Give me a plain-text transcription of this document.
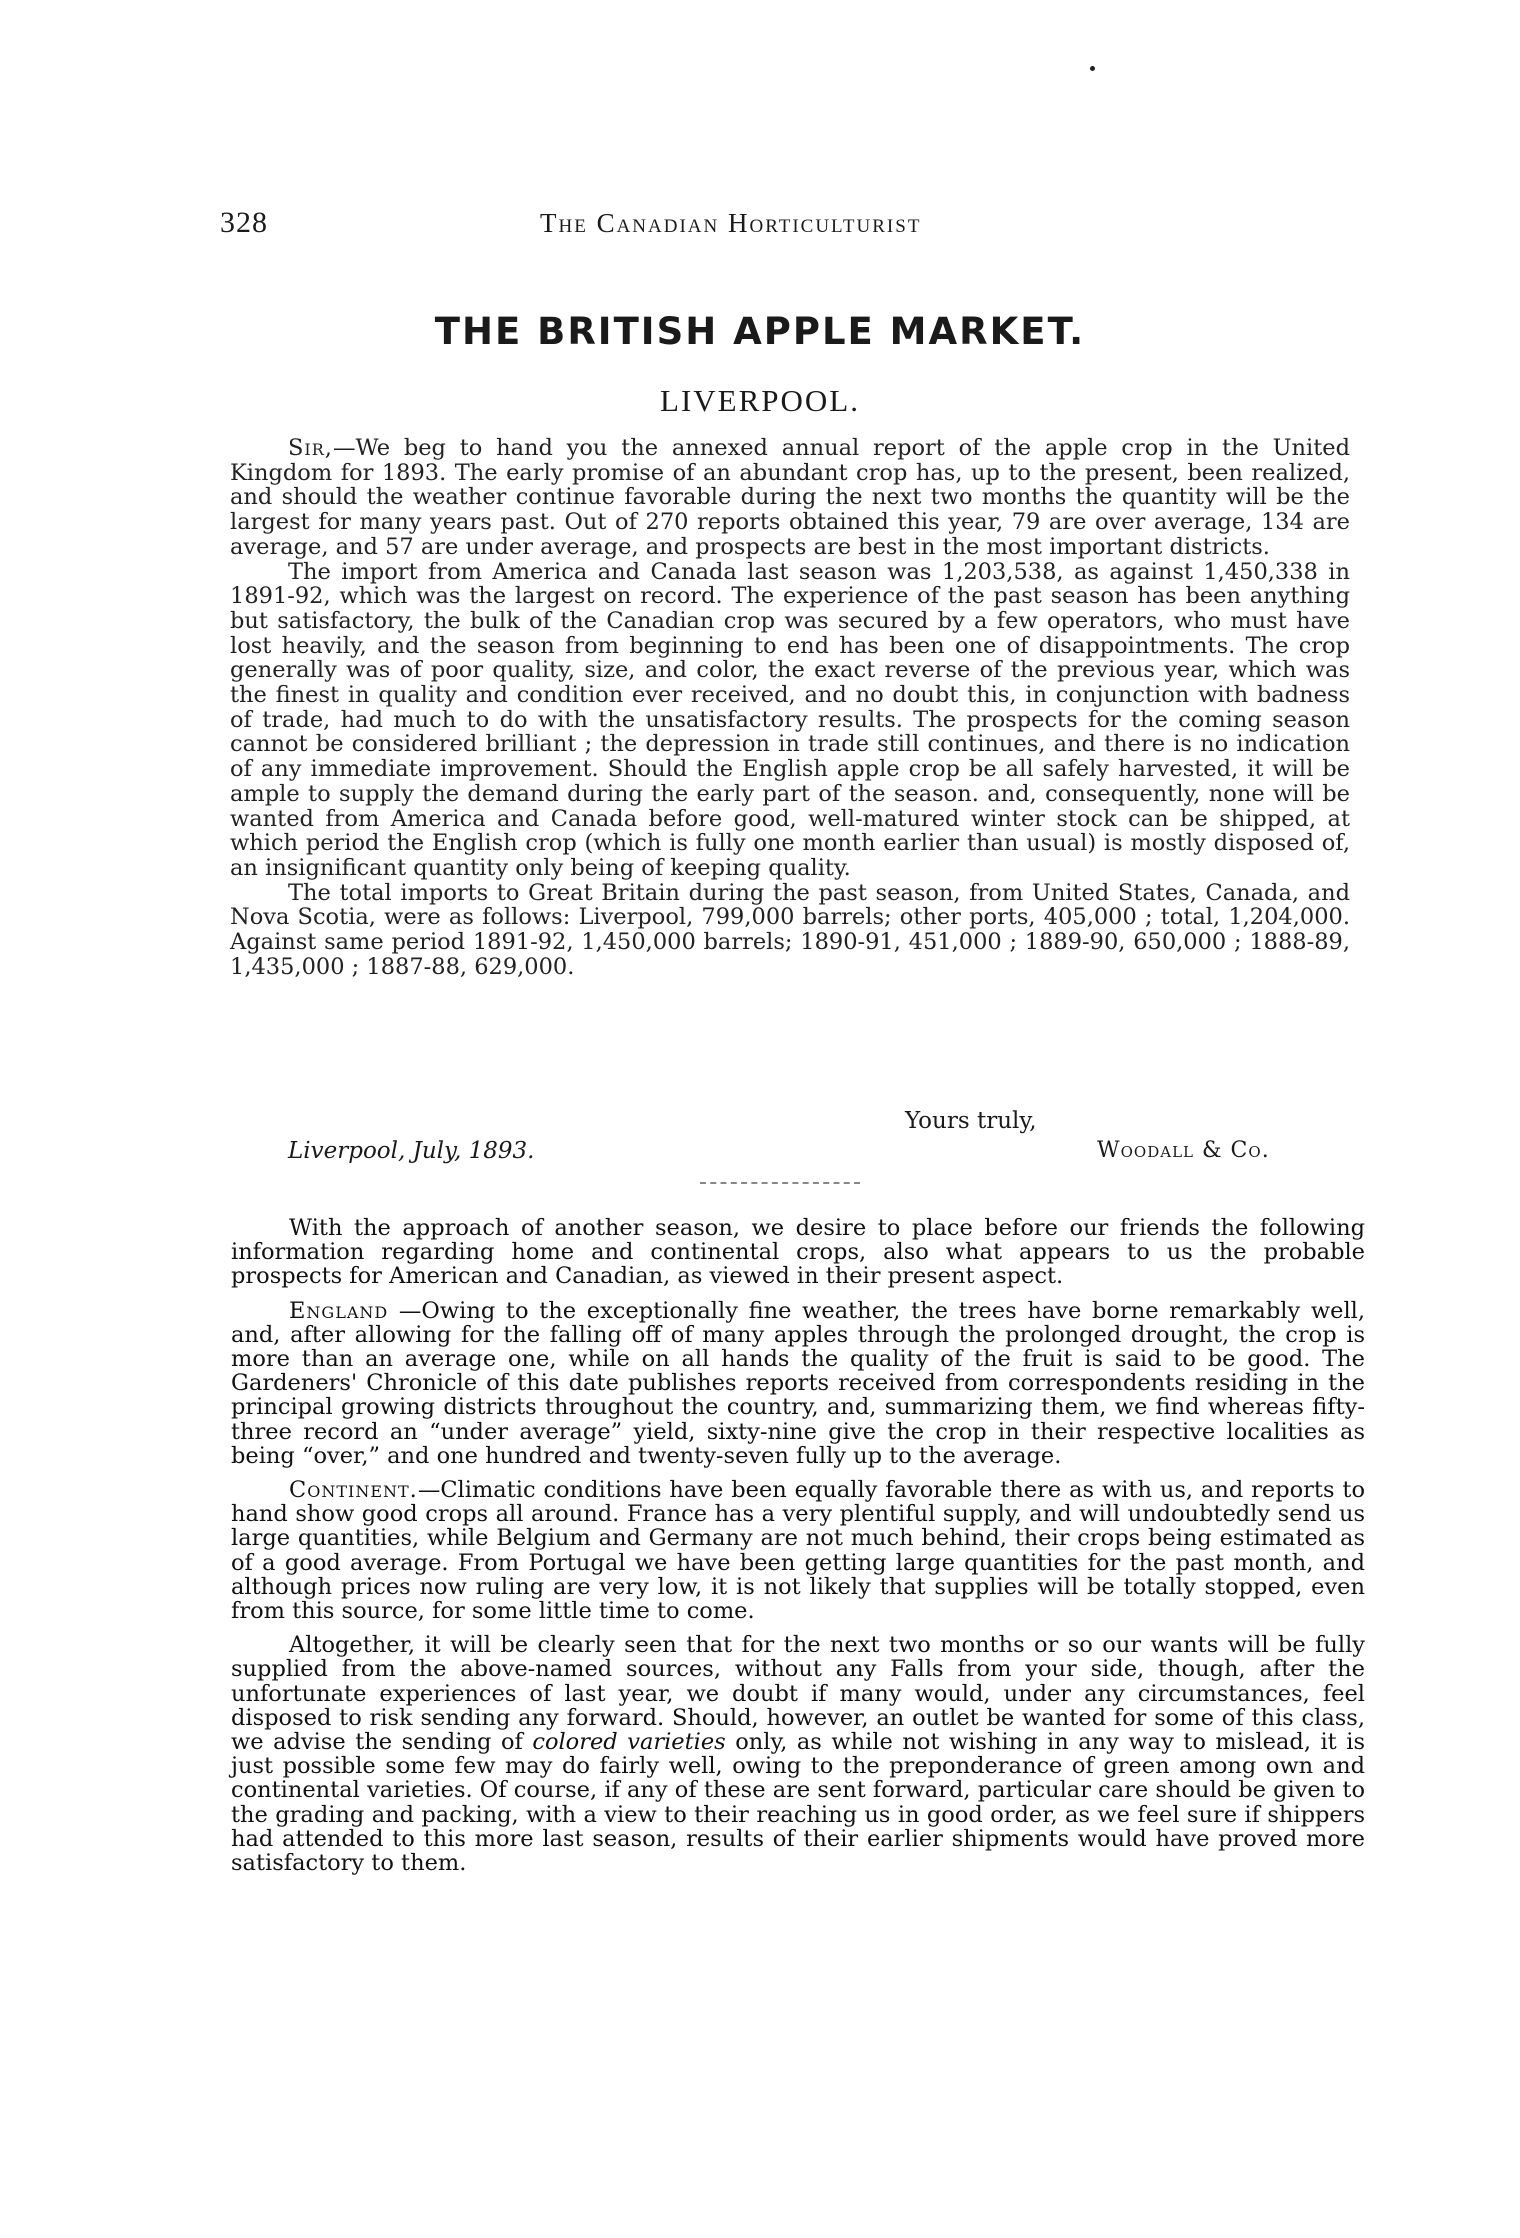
328	The Canadian Horticulturist
THE BRITISH APPLE MARKET.
LIVERPOOL.

Sir,—We beg to hand you the annexed annual report of the apple crop in the United Kingdom for 1893. The early promise of an abundant crop has, up to the present, been realized, and should the weather continue favorable during the next two months the quantity will be the largest for many years past. Out of 270 reports obtained this year, 79 are over average, 134 are average, and 57 are under average, and prospects are best in the most important districts.

The import from America and Canada last season was 1,203,538, as against 1,450,338 in 1891-92, which was the largest on record. The experience of the past season has been anything but satisfactory, the bulk of the Canadian crop was secured by a few operators, who must have lost heavily, and the season from beginning to end has been one of disappointments. The crop generally was of poor quality, size, and color, the exact reverse of the previous year, which was the finest in quality and condition ever received, and no doubt this, in conjunction with badness of trade, had much to do with the unsatisfactory results. The prospects for the coming season cannot be considered brilliant ; the depression in trade still continues, and there is no indication of any immediate improvement. Should the English apple crop be all safely harvested, it will be ample to supply the demand during the early part of the season. and, consequently, none will be wanted from America and Canada before good, well-matured winter stock can be shipped, at which period the English crop (which is fully one month earlier than usual) is mostly disposed of, an insignificant quantity only being of keeping quality.

The total imports to Great Britain during the past season, from United States, Canada, and Nova Scotia, were as follows: Liverpool, 799,000 barrels; other ports, 405,000 ; total, 1,204,000. Against same period 1891-92, 1,450,000 barrels; 1890-91, 451,000 ; 1889-90, 650,000 ; 1888-89, 1,435,000 ; 1887-88, 629,000.

Yours truly,
Liverpool, July, 1893.	Woodall & Co.

With the approach of another season, we desire to place before our friends the following information regarding home and continental crops, also what appears to us the probable prospects for American and Canadian, as viewed in their present aspect.

England —Owing to the exceptionally fine weather, the trees have borne remarkably well, and, after allowing for the falling off of many apples through the prolonged drought, the crop is more than an average one, while on all hands the quality of the fruit is said to be good. The Gardeners' Chronicle of this date publishes reports received from correspondents residing in the principal growing districts throughout the country, and, summarizing them, we find whereas fifty-three record an “under average” yield, sixty-nine give the crop in their respective localities as being “over,” and one hundred and twenty-seven fully up to the average.

Continent.—Climatic conditions have been equally favorable there as with us, and reports to hand show good crops all around. France has a very plentiful supply, and will undoubtedly send us large quantities, while Belgium and Germany are not much behind, their crops being estimated as of a good average. From Portugal we have been getting large quantities for the past month, and although prices now ruling are very low, it is not likely that supplies will be totally stopped, even from this source, for some little time to come.

Altogether, it will be clearly seen that for the next two months or so our wants will be fully supplied from the above-named sources, without any Falls from your side, though, after the unfortunate experiences of last year, we doubt if many would, under any circumstances, feel disposed to risk sending any forward. Should, however, an outlet be wanted for some of this class, we advise the sending of colored varieties only, as while not wishing in any way to mislead, it is just possible some few may do fairly well, owing to the preponderance of green among own and continental varieties. Of course, if any of these are sent forward, particular care should be given to the grading and packing, with a view to their reaching us in good order, as we feel sure if shippers had attended to this more last season, results of their earlier shipments would have proved more satisfactory to them.
